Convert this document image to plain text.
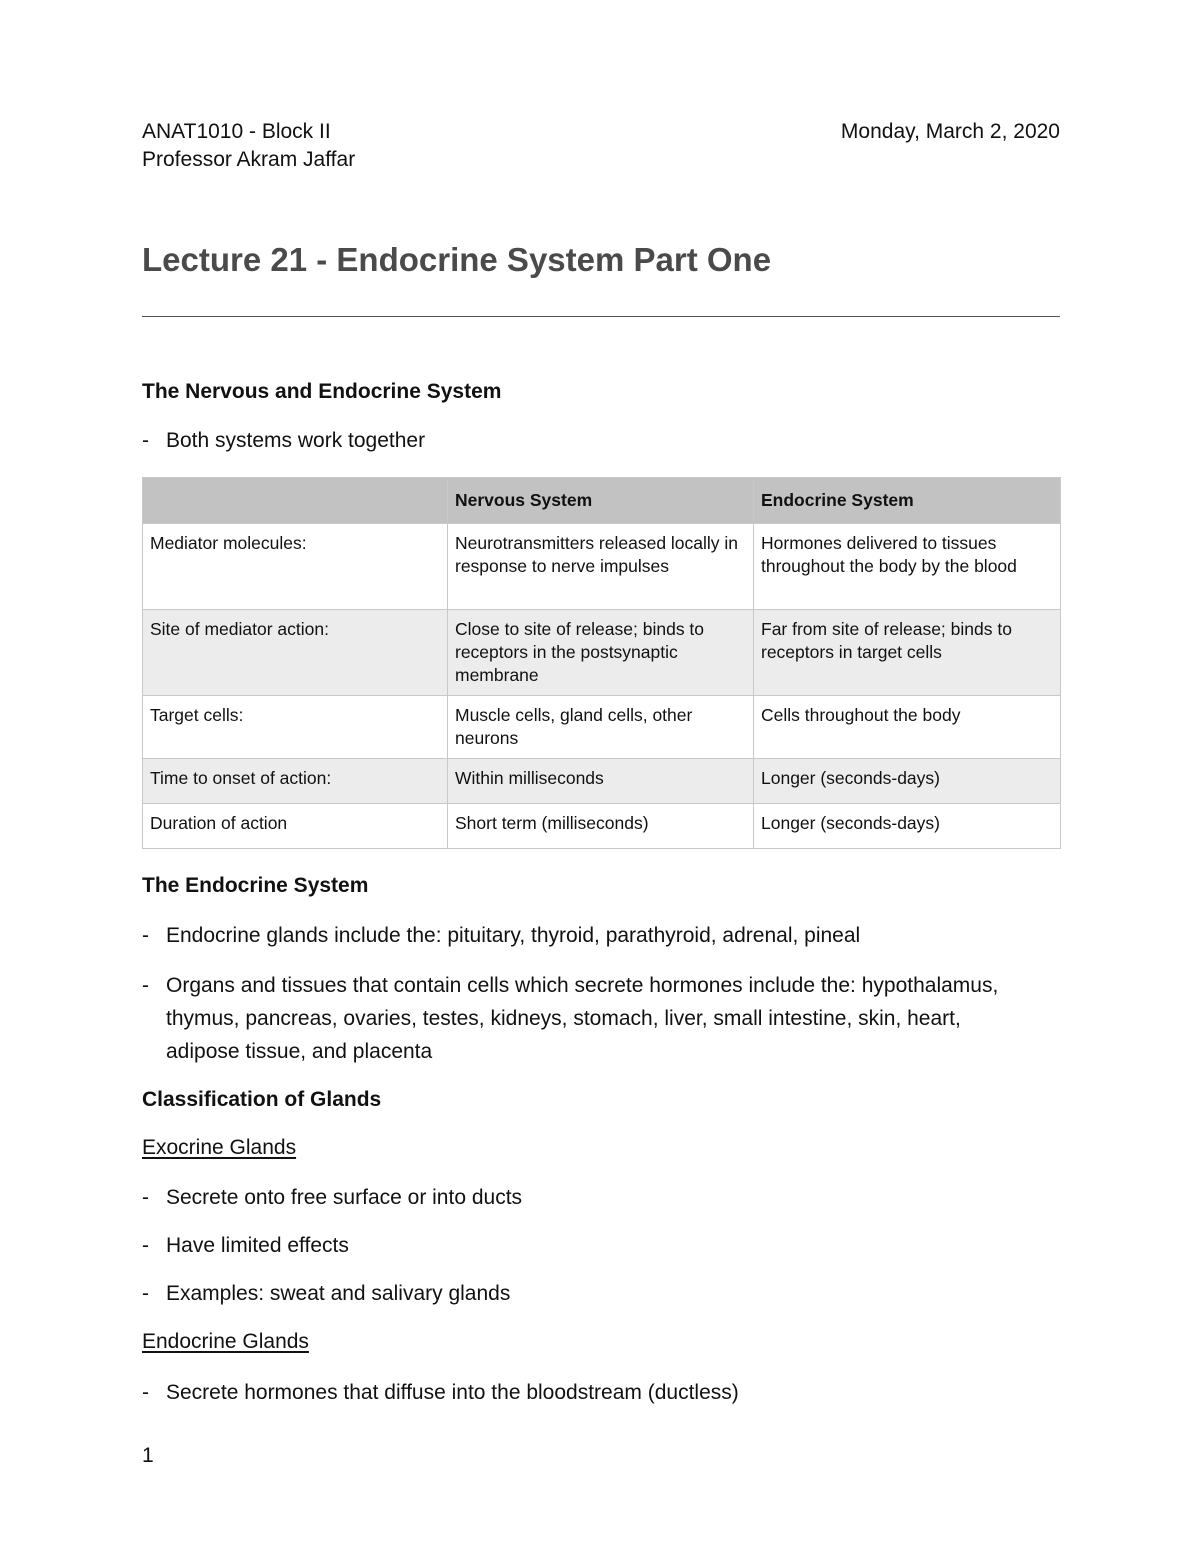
ANAT1010 - Block II
Professor Akram Jaffar
Monday, March 2, 2020
Lecture 21 - Endocrine System Part One
The Nervous and Endocrine System
- Both systems work together
	Nervous System	Endocrine System
Mediator molecules:	Neurotransmitters released locally in response to nerve impulses	Hormones delivered to tissues throughout the body by the blood
Site of mediator action:	Close to site of release; binds to receptors in the postsynaptic membrane	Far from site of release; binds to receptors in target cells
Target cells:	Muscle cells, gland cells, other neurons	Cells throughout the body
Time to onset of action:	Within milliseconds	Longer (seconds-days)
Duration of action	Short term (milliseconds)	Longer (seconds-days)
The Endocrine System
- Endocrine glands include the: pituitary, thyroid, parathyroid, adrenal, pineal
- Organs and tissues that contain cells which secrete hormones include the: hypothalamus, thymus, pancreas, ovaries, testes, kidneys, stomach, liver, small intestine, skin, heart, adipose tissue, and placenta
Classification of Glands
Exocrine Glands
- Secrete onto free surface or into ducts
- Have limited effects
- Examples: sweat and salivary glands
Endocrine Glands
- Secrete hormones that diffuse into the bloodstream (ductless)
1
